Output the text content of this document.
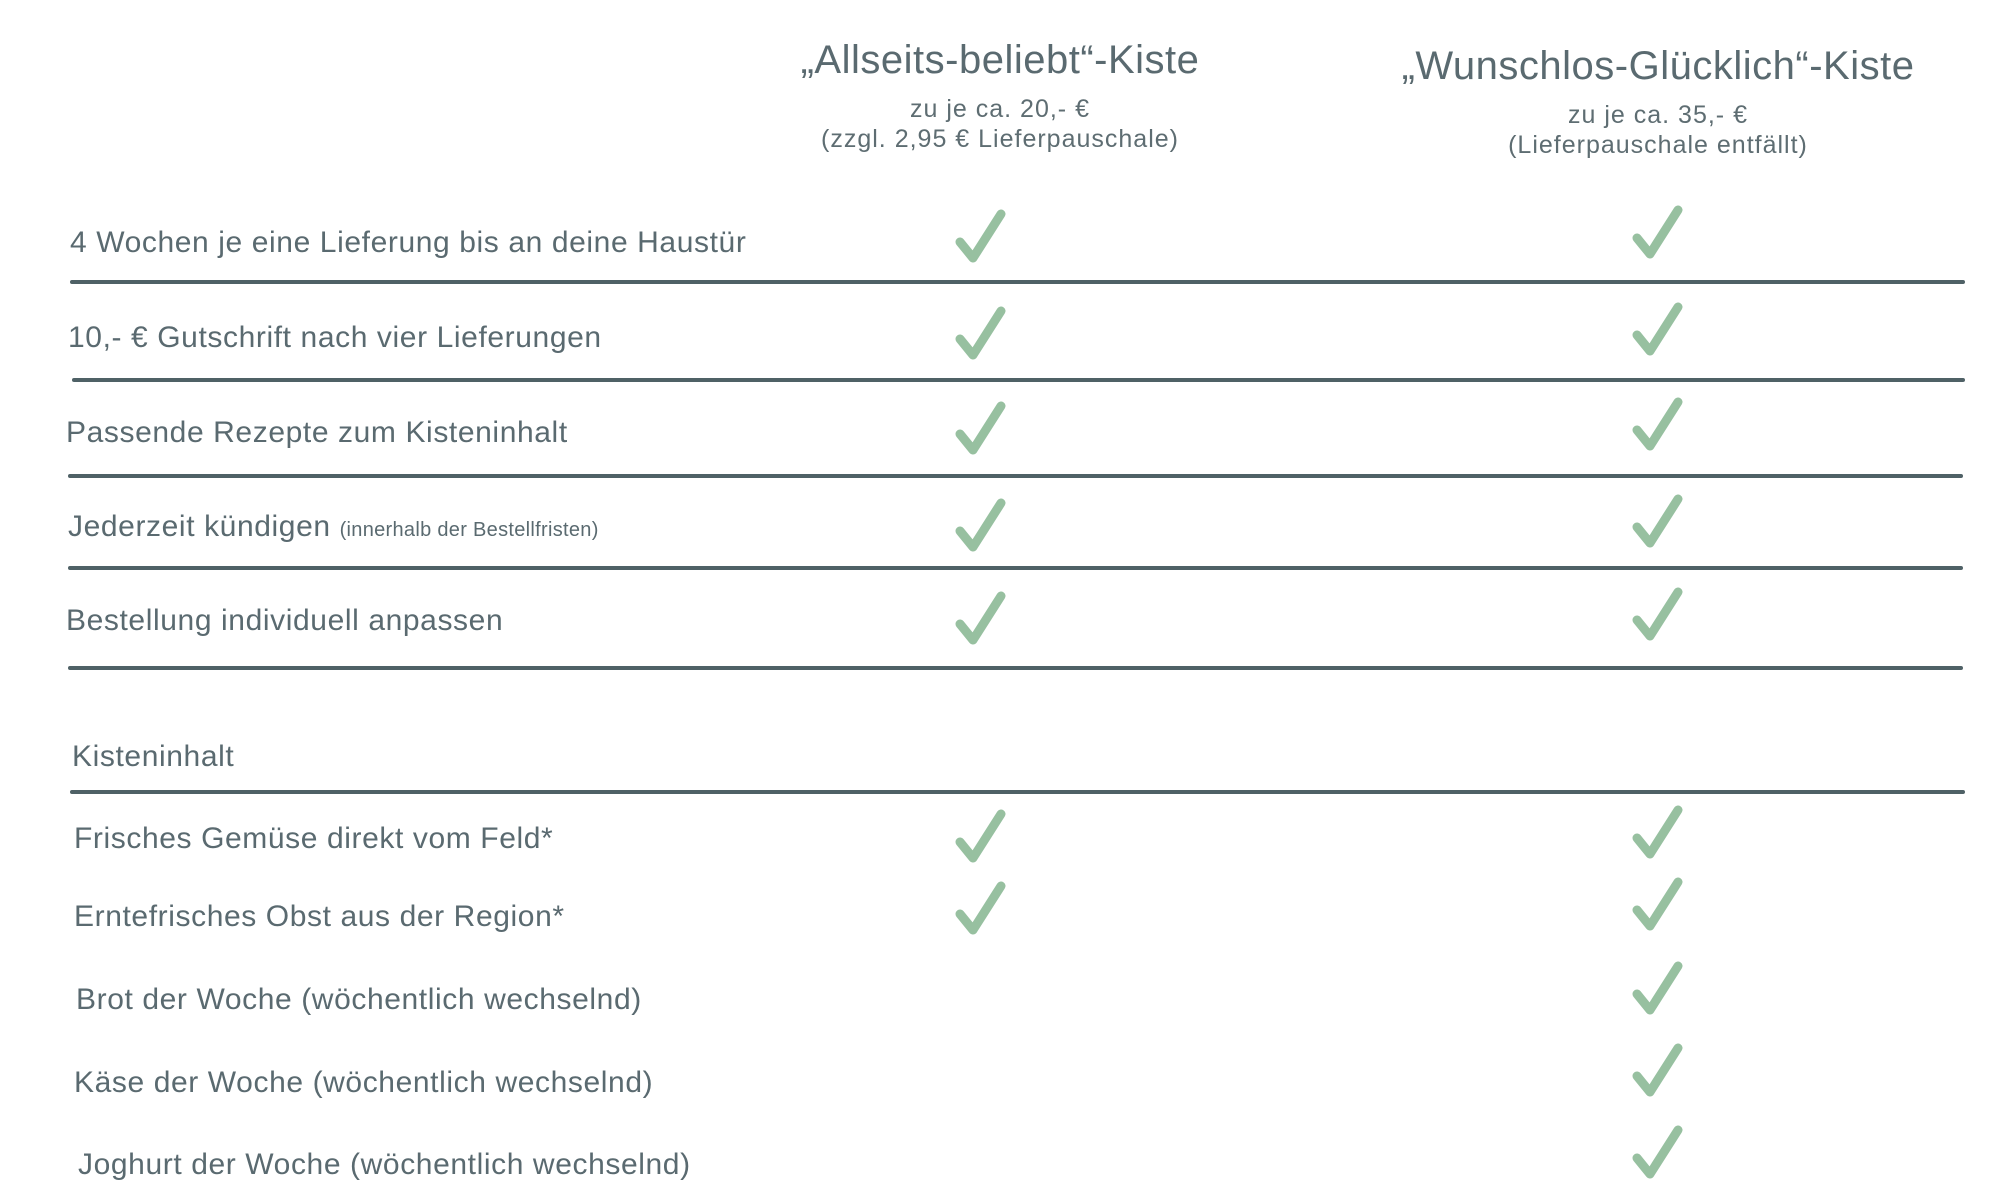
„Allseits-beliebt“-Kiste
zu je ca. 20,- €
(zzgl. 2,95 € Lieferpauschale)
„Wunschlos-Glücklich“-Kiste
zu je ca. 35,- €
(Lieferpauschale entfällt)
4 Wochen je eine Lieferung bis an deine Haustür
10,- € Gutschrift nach vier Lieferungen
Passende Rezepte zum Kisteninhalt
Jederzeit kündigen (innerhalb der Bestellfristen)
Bestellung individuell anpassen
Kisteninhalt
Frisches Gemüse direkt vom Feld*
Erntefrisches Obst aus der Region*
Brot der Woche (wöchentlich wechselnd)
Käse der Woche (wöchentlich wechselnd)
Joghurt der Woche (wöchentlich wechselnd)
